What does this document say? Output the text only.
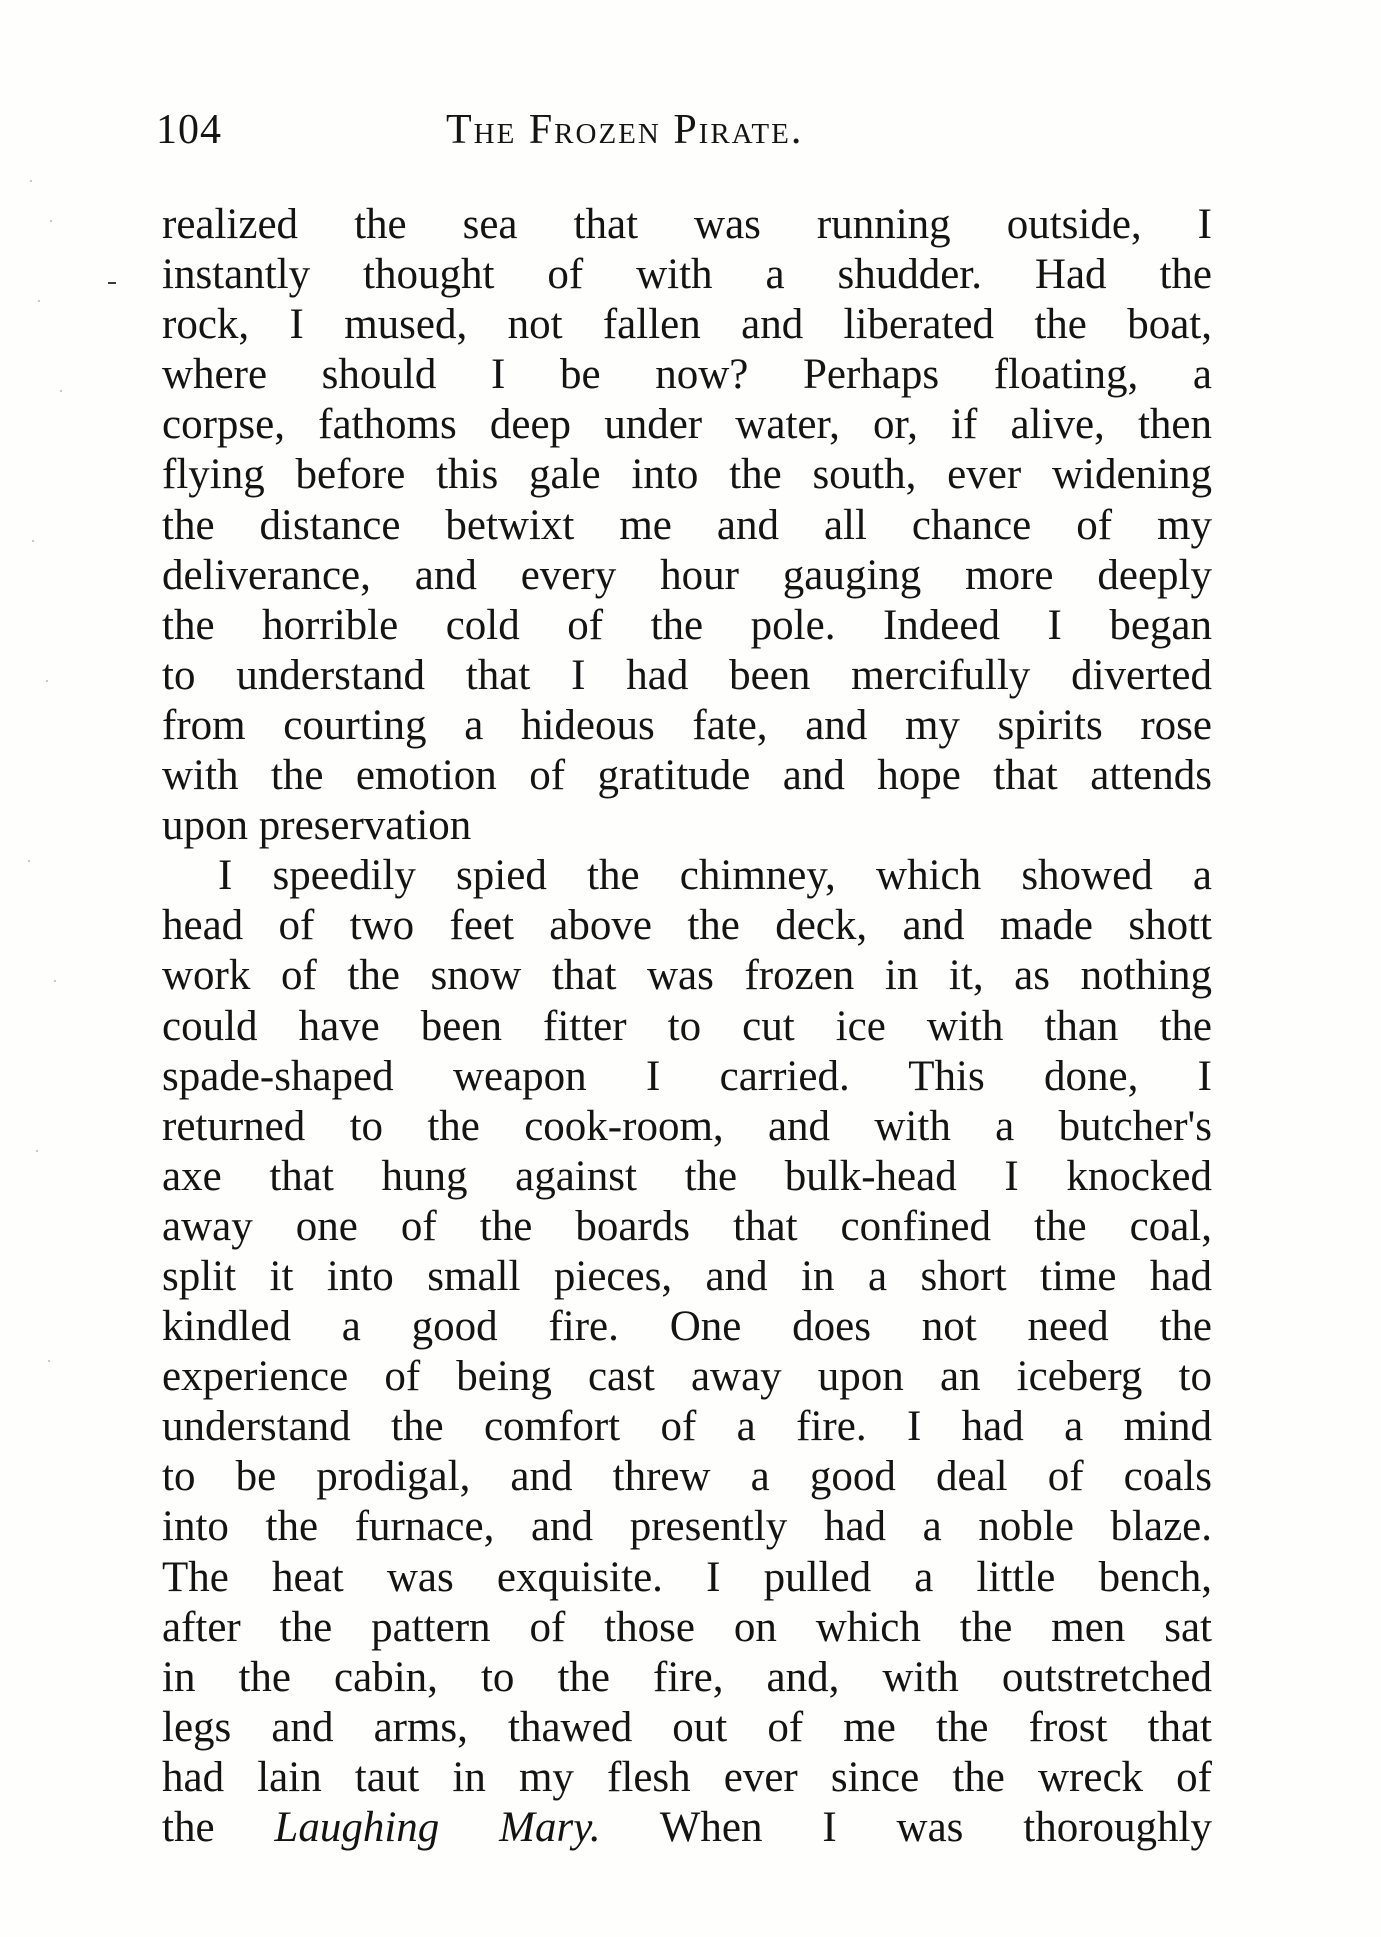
104	The Frozen Pirate.
realized the sea that was running outside, I
instantly thought of with a shudder. Had the
rock, I mused, not fallen and liberated the boat,
where should I be now? Perhaps floating, a
corpse, fathoms deep under water, or, if alive, then
flying before this gale into the south, ever widening
the distance betwixt me and all chance of my
deliverance, and every hour gauging more deeply
the horrible cold of the pole. Indeed I began
to understand that I had been mercifully diverted
from courting a hideous fate, and my spirits rose
with the emotion of gratitude and hope that attends
upon preservation
I speedily spied the chimney, which showed a
head of two feet above the deck, and made shott
work of the snow that was frozen in it, as nothing
could have been fitter to cut ice with than the
spade-shaped weapon I carried. This done, I
returned to the cook-room, and with a butcher's
axe that hung against the bulk-head I knocked
away one of the boards that confined the coal,
split it into small pieces, and in a short time had
kindled a good fire. One does not need the
experience of being cast away upon an iceberg to
understand the comfort of a fire. I had a mind
to be prodigal, and threw a good deal of coals
into the furnace, and presently had a noble blaze.
The heat was exquisite. I pulled a little bench,
after the pattern of those on which the men sat
in the cabin, to the fire, and, with outstretched
legs and arms, thawed out of me the frost that
had lain taut in my flesh ever since the wreck of
the Laughing Mary. When I was thoroughly
